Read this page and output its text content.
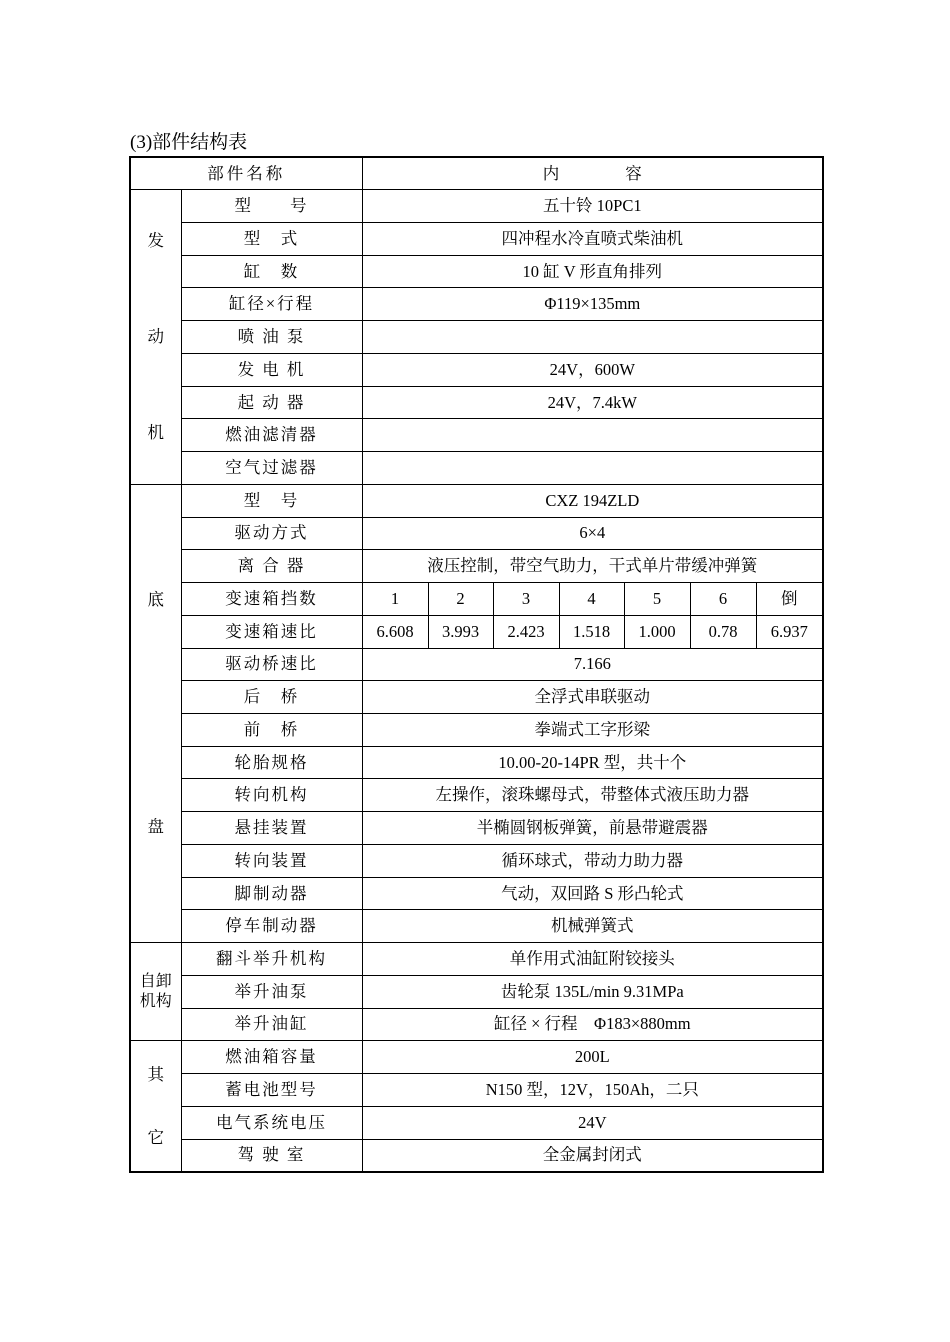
(3)部件结构表
部件名称		内　　　　容						

发
动
机	型　　号	五十铃 10PC1						
	型　式	四冲程水冷直喷式柴油机						
	缸　数	10 缸 V 形直角排列						
	缸径×行程	Φ119×135mm						
	喷 油 泵							
	发 电 机	24V，600W						
	起 动 器	24V，7.4kW						
	燃油滤清器							
	空气过滤器							

底
盘	型　号	CXZ 194ZLD						
	驱动方式	6×4						
	离 合 器	液压控制，带空气助力，干式单片带缓冲弹簧						
	变速箱挡数	1	2	3	4	5	6	倒
	变速箱速比	6.608	3.993	2.423	1.518	1.000	0.78	6.937
	驱动桥速比	7.166						
	后　桥	全浮式串联驱动						
	前　桥	拳端式工字形梁						
	轮胎规格	10.00-20-14PR 型，共十个						
	转向机构	左操作，滚珠螺母式，带整体式液压助力器						
	悬挂装置	半椭圆钢板弹簧，前悬带避震器						
	转向装置	循环球式，带动力助力器						
	脚制动器	气动，双回路 S 形凸轮式						
	停车制动器	机械弹簧式						

自卸
机构	翻斗举升机构	单作用式油缸附铰接头						
	举升油泵	齿轮泵 135L/min 9.31MPa						
	举升油缸	缸径 × 行程　Φ183×880mm						

其
它	燃油箱容量	200L						
	蓄电池型号	N150 型，12V，150Ah，二只						
	电气系统电压	24V						
	驾 驶 室	全金属封闭式						
